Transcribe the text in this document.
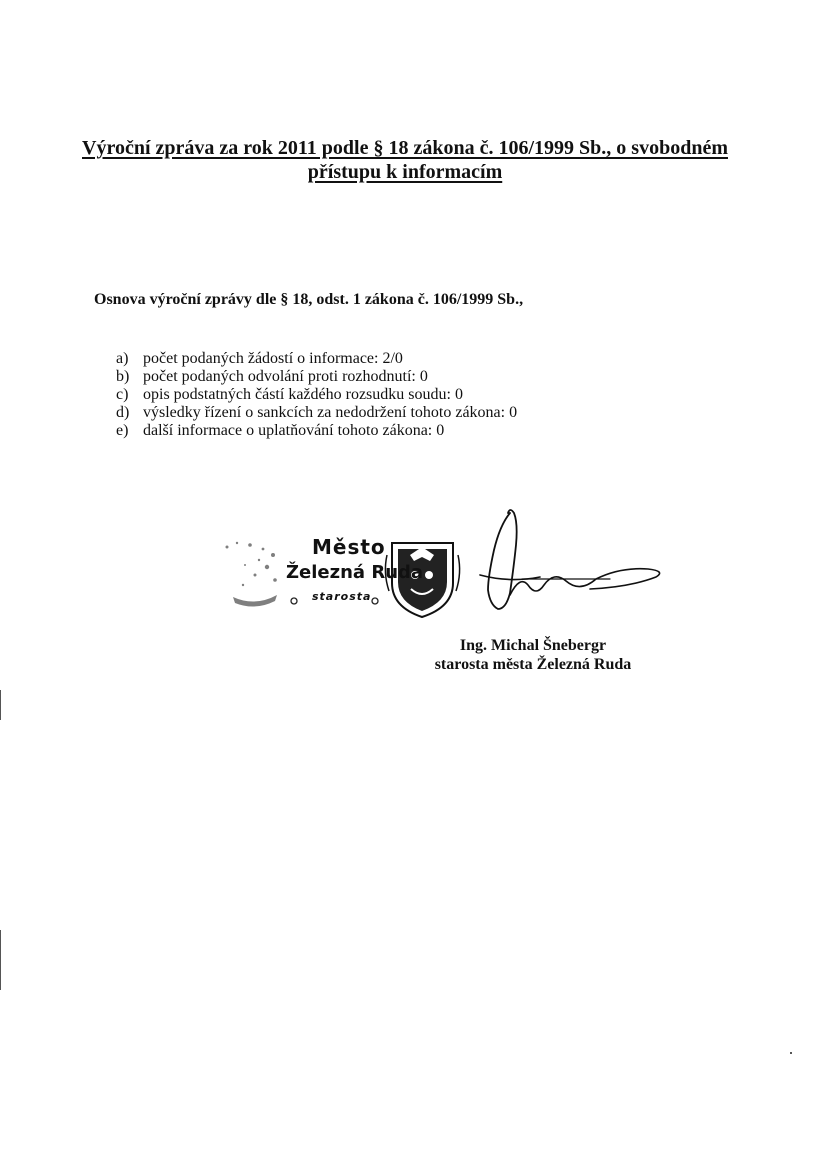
Výroční zpráva za rok 2011 podle § 18 zákona č. 106/1999 Sb., o svobodném
přístupu k informacím
Osnova výroční zprávy dle § 18, odst. 1 zákona č. 106/1999 Sb.,
a) počet podaných žádostí o informace: 2/0
b) počet podaných odvolání proti rozhodnutí: 0
c) opis podstatných částí každého rozsudku soudu: 0
d) výsledky řízení o sankcích za nedodržení tohoto zákona: 0
e) další informace o uplatňování tohoto zákona: 0
Město
Železná Ruda
starosta
Ing. Michal Šnebergr
starosta města Železná Ruda
